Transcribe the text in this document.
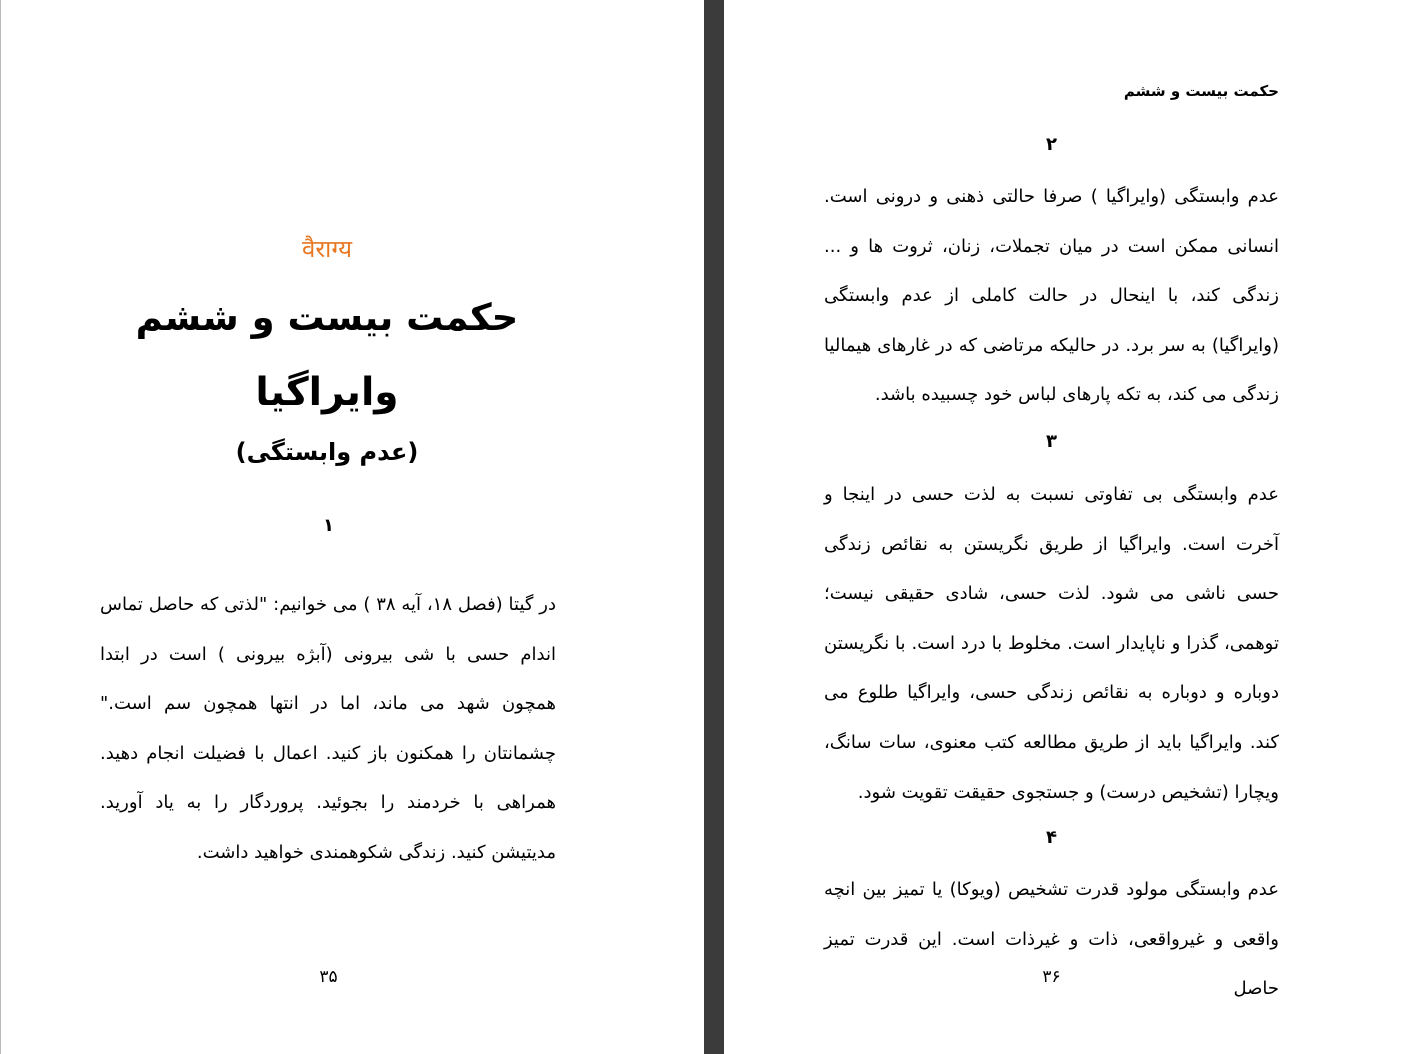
वैराग्य
حکمت بیست و ششم
وایراگیا
(عدم وابستگی)
۱

در گیتا (فصل ۱۸، آیه ۳۸ ) می خوانیم: "لذتی که حاصل تماس اندام حسی با شی بیرونی (آبژه بیرونی ) است در ابتدا همچون شهد می ماند، اما در انتها همچون سم است." چشمانتان را همکنون باز کنید. اعمال با فضیلت انجام دهید. همراهی با خردمند را بجوئید. پروردگار را به یاد آورید. مدیتیشن کنید. زندگی شکوهمندی خواهید داشت.

۳۵
حکمت بیست و ششم
۲

عدم وابستگی (وایراگیا ) صرفا حالتی ذهنی و درونی است. انسانی ممکن است در میان تجملات، زنان، ثروت ها و ... زندگی کند، با اینحال در حالت کاملی از عدم وابستگی (وایراگیا) به سر برد. در حالیکه مرتاضی که در غارهای هیمالیا زندگی می کند، به تکه پارهای لباس خود چسبیده باشد.

۳

عدم وابستگی بی تفاوتی نسبت به لذت حسی در اینجا و آخرت است. وایراگیا از طریق نگریستن به نقائص زندگی حسی ناشی می شود. لذت حسی، شادی حقیقی نیست؛ توهمی، گذرا و ناپایدار است. مخلوط با درد است. با نگریستن دوباره و دوباره به نقائص زندگی حسی، وایراگیا طلوع می کند. وایراگیا باید از طریق مطالعه کتب معنوی، سات سانگ، ویچارا (تشخیص درست) و جستجوی حقیقت تقویت شود.

۴

عدم وابستگی مولود قدرت تشخیص (ویوکا) یا تمیز بین انچه واقعی و غیرواقعی، ذات و غیرذات است. این قدرت تمیز حاصل

۳۶
